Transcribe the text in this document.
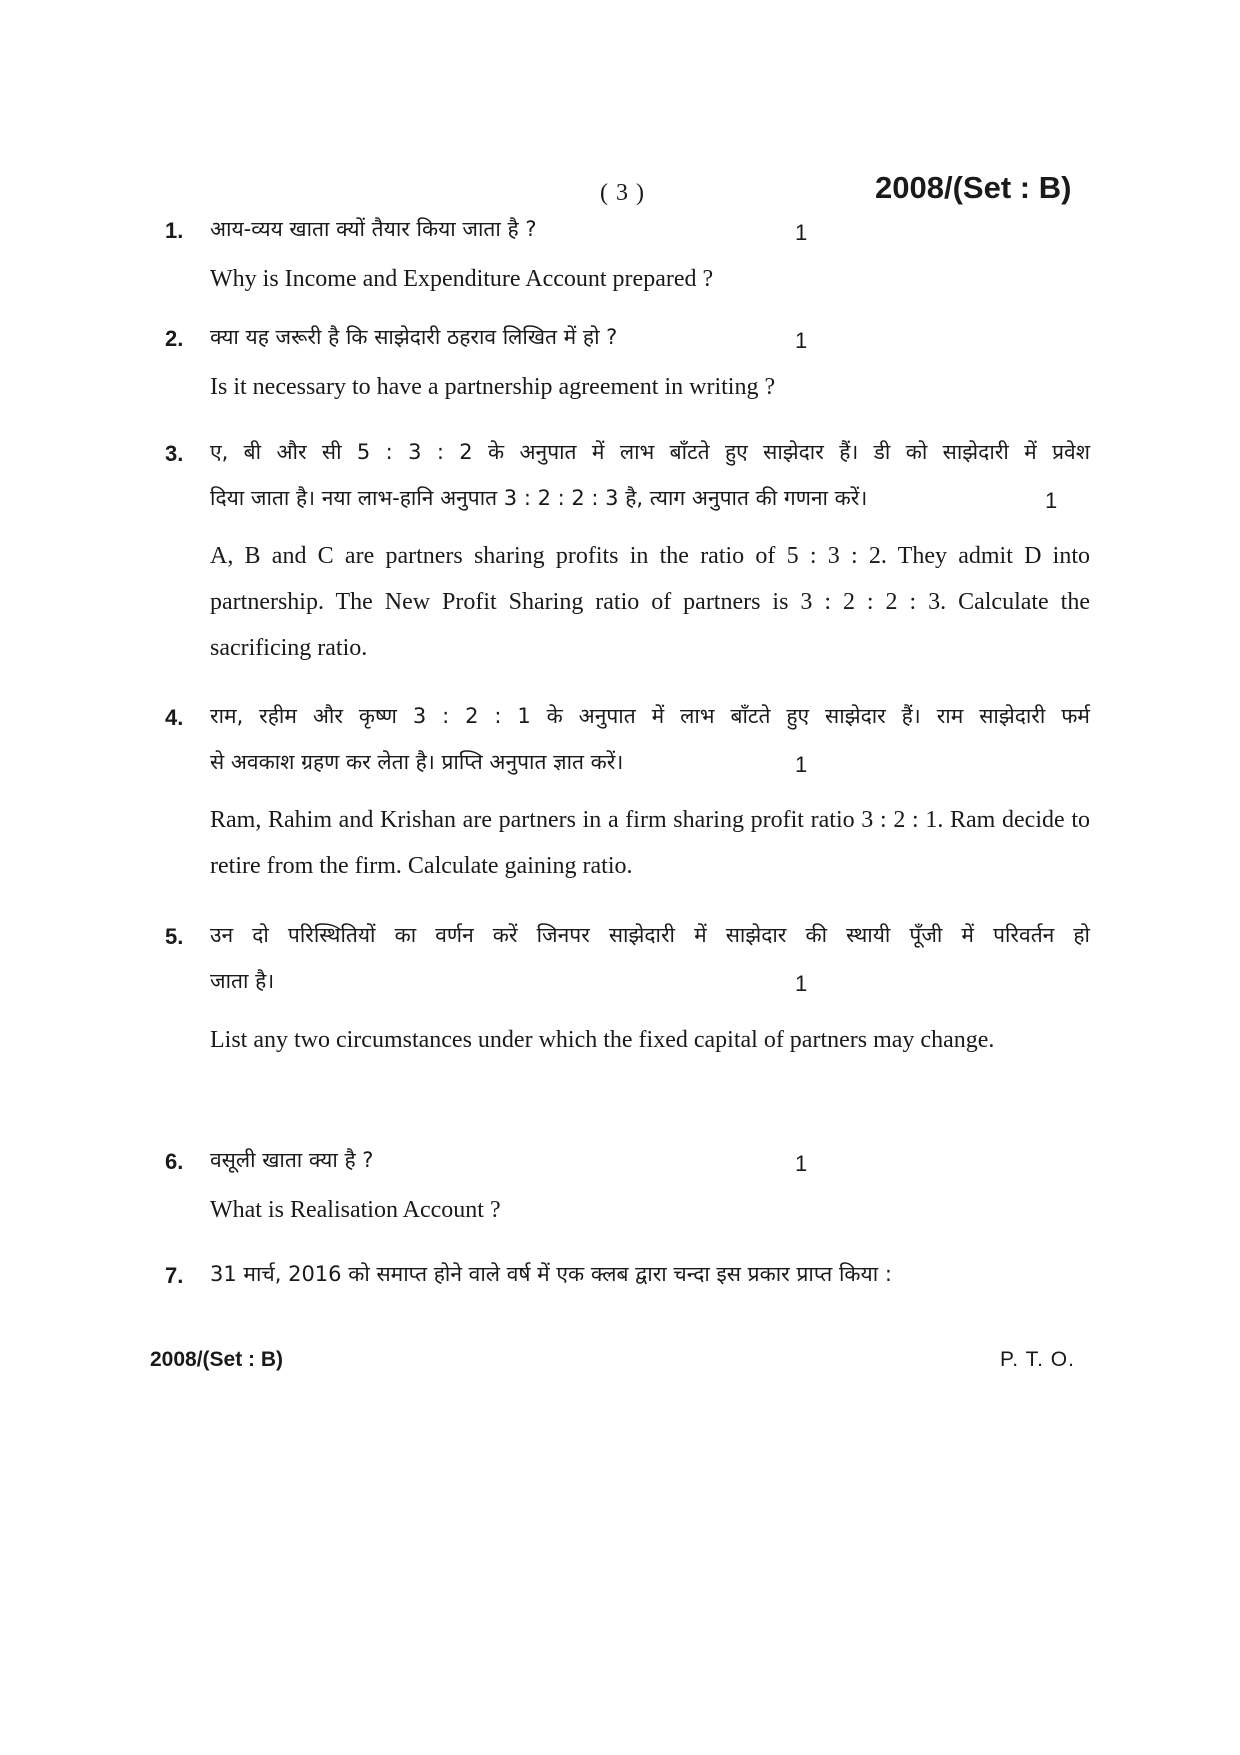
( 3 )	2008/(Set : B)
1.	आय-व्यय खाता क्यों तैयार किया जाता है ?	1
Why is Income and Expenditure Account prepared ?
2.	क्या यह जरूरी है कि साझेदारी ठहराव लिखित में हो ?	1
Is it necessary to have a partnership agreement in writing ?
3.	ए, बी और सी 5 : 3 : 2 के अनुपात में लाभ बाँटते हुए साझेदार हैं। डी को साझेदारी में प्रवेश
दिया जाता है। नया लाभ-हानि अनुपात 3 : 2 : 2 : 3 है, त्याग अनुपात की गणना करें।	1
A, B and C are partners sharing profits in the ratio of 5 : 3 : 2. They admit D into partnership. The New Profit Sharing ratio of partners is 3 : 2 : 2 : 3. Calculate the sacrificing ratio.
4.	राम, रहीम और कृष्ण 3 : 2 : 1 के अनुपात में लाभ बाँटते हुए साझेदार हैं। राम साझेदारी फर्म
से अवकाश ग्रहण कर लेता है। प्राप्ति अनुपात ज्ञात करें।	1
Ram, Rahim and Krishan are partners in a firm sharing profit ratio 3 : 2 : 1. Ram decide to retire from the firm. Calculate gaining ratio.
5.	उन दो परिस्थितियों का वर्णन करें जिनपर साझेदारी में साझेदार की स्थायी पूँजी में परिवर्तन हो
जाता है।	1
List any two circumstances under which the fixed capital of partners may change.
6.	वसूली खाता क्या है ?	1
What is Realisation Account ?
7.	31 मार्च, 2016 को समाप्त होने वाले वर्ष में एक क्लब द्वारा चन्दा इस प्रकार प्राप्त किया :
2008/(Set : B)	P. T. O.
